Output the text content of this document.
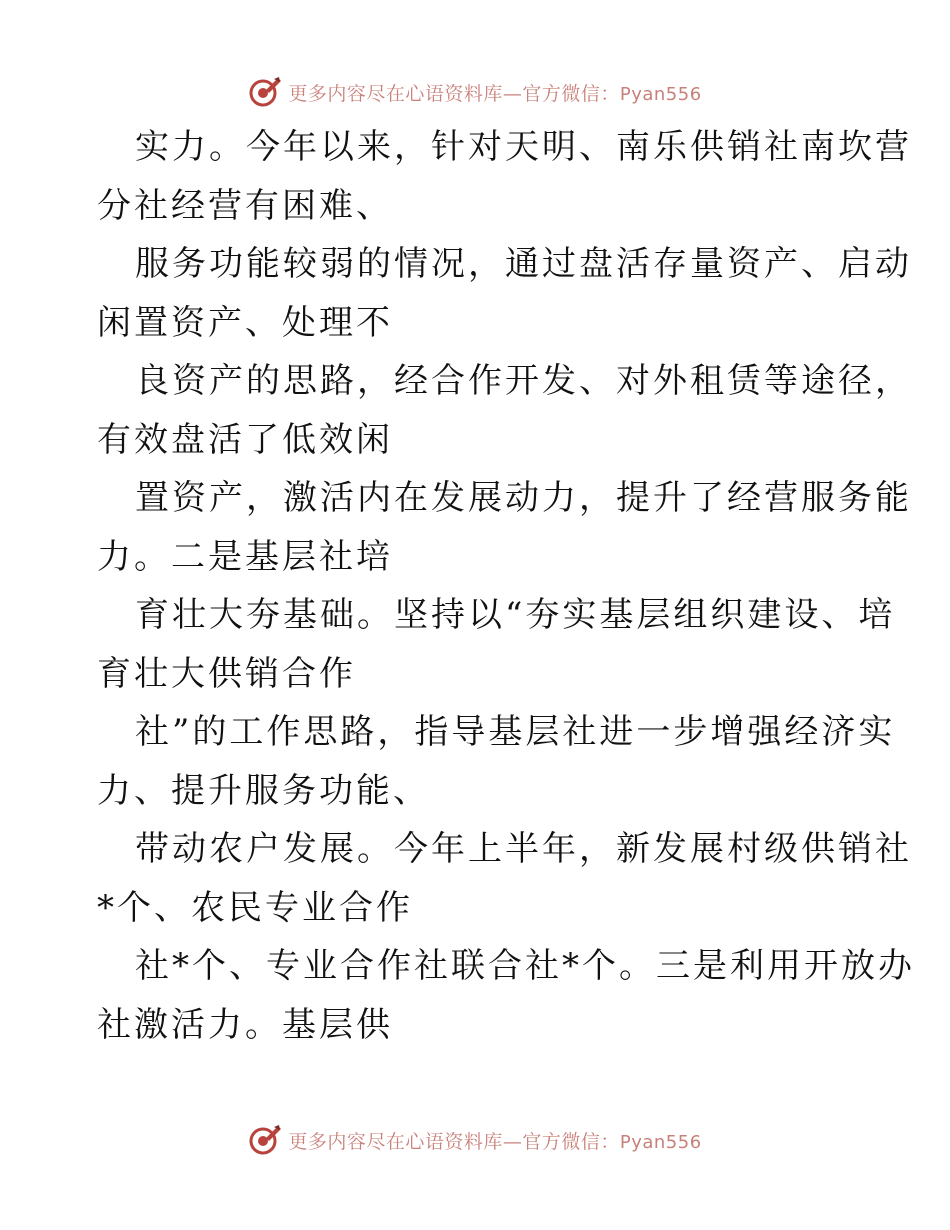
更多内容尽在心语资料库—官方微信：Pyan556
实力。今年以来，针对天明、南乐供销社南坎营
分社经营有困难、
服务功能较弱的情况，通过盘活存量资产、启动
闲置资产、处理不
良资产的思路，经合作开发、对外租赁等途径，
有效盘活了低效闲
置资产，激活内在发展动力，提升了经营服务能
力。二是基层社培
育壮大夯基础。坚持以“夯实基层组织建设、培
育壮大供销合作
社”的工作思路，指导基层社进一步增强经济实
力、提升服务功能、
带动农户发展。今年上半年，新发展村级供销社
*个、农民专业合作
社*个、专业合作社联合社*个。三是利用开放办
社激活力。基层供
更多内容尽在心语资料库—官方微信：Pyan556
